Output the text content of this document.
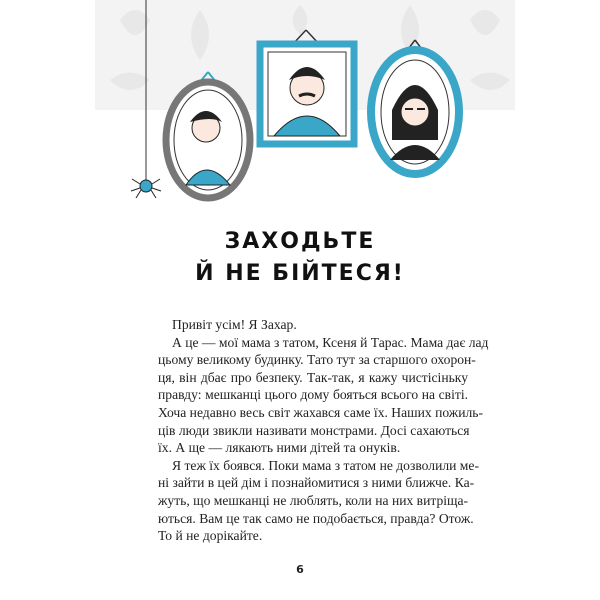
ЗАХОДЬТЕ
Й НЕ БІЙТЕСЯ!
Привіт усім! Я Захар.
А це — мої мама з татом, Ксеня й Тарас. Мама дає лад
цьому великому будинку. Тато тут за старшого охорон-
ця, він дбає про безпеку. Так-так, я кажу чистісіньку
правду: мешканці цього дому бояться всього на світі.
Хоча недавно весь світ жахався саме їх. Наших пожиль-
ців люди звикли називати монстрами. Досі сахаються
їх. А ще — лякають ними дітей та онуків.
Я теж їх боявся. Поки мама з татом не дозволили ме-
ні зайти в цей дім і познайомитися з ними ближче. Ка-
жуть, що мешканці не люблять, коли на них витріща-
ються. Вам це так само не подобається, правда? Отож.
То й не дорікайте.
6
